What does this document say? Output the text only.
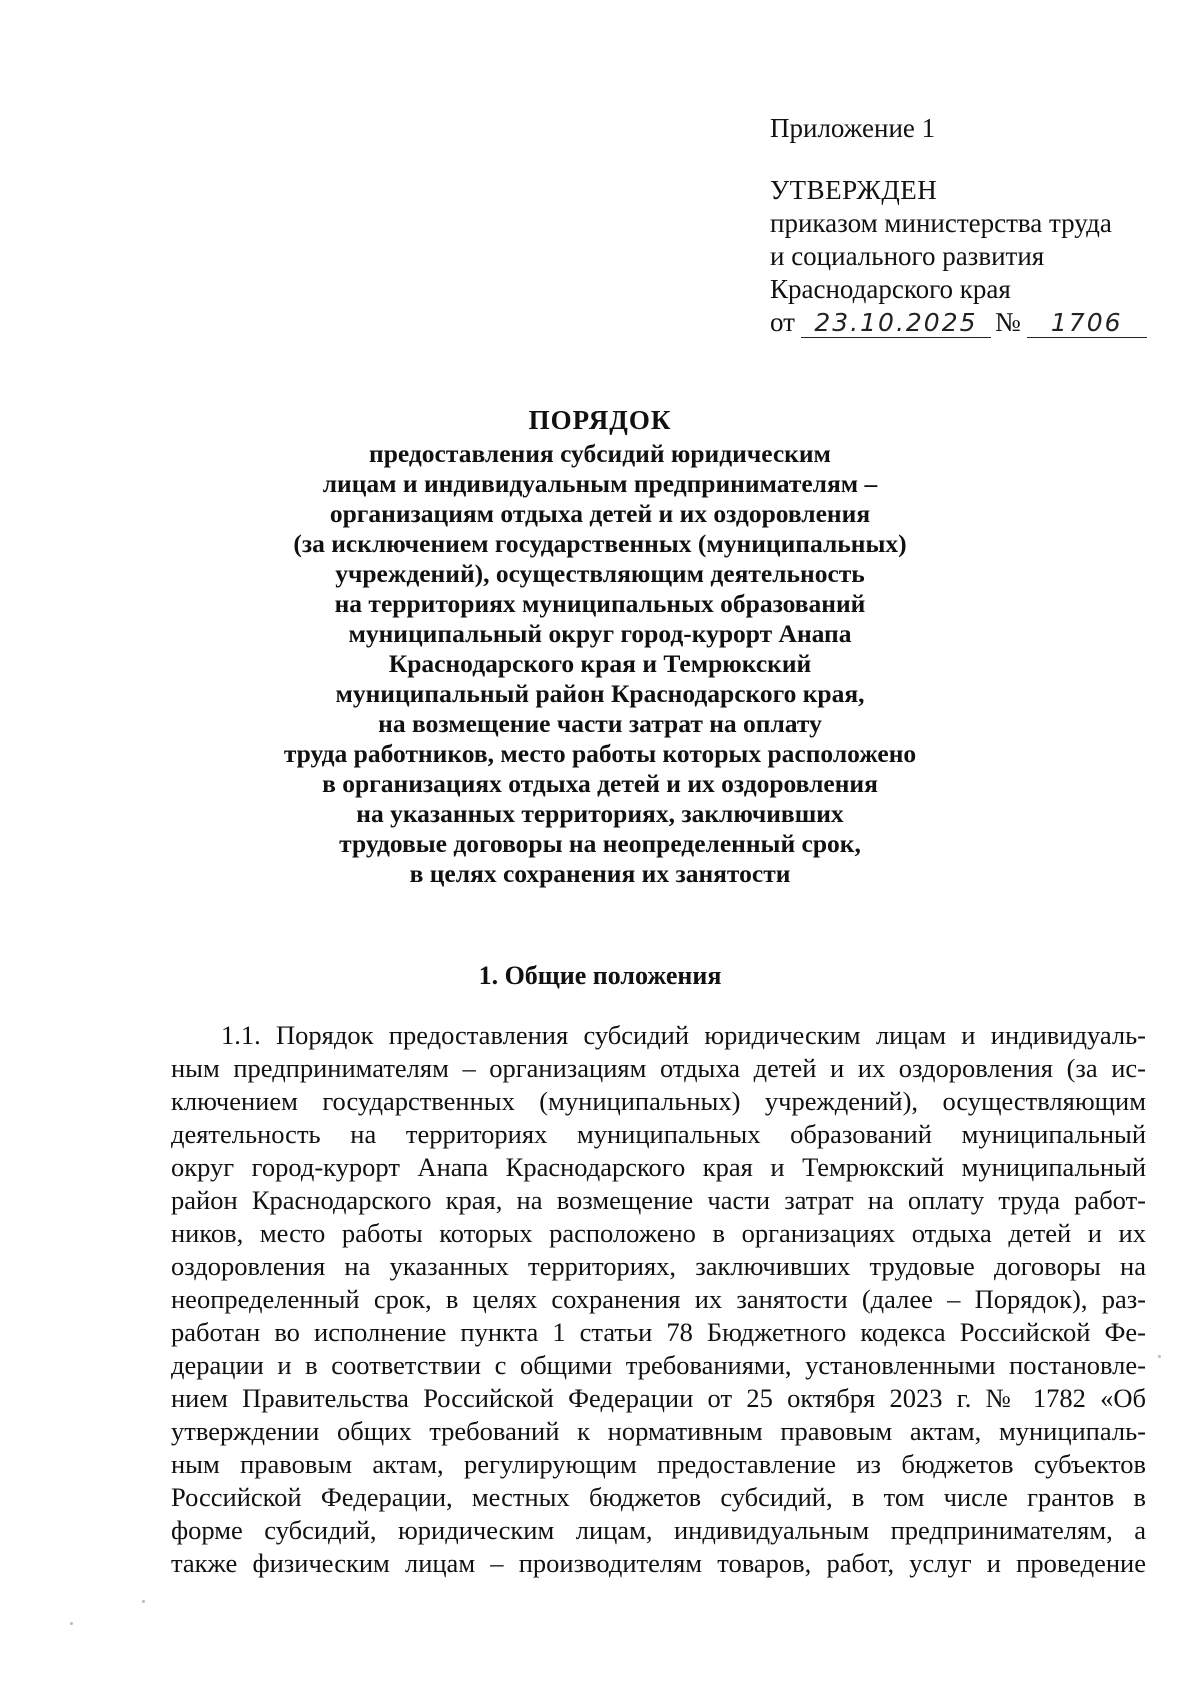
Приложение 1

УТВЕРЖДЕН

приказом министерства труда

и социального развития

Краснодарского края

от 23.10.2025 №	1706

ПОРЯДОК

предоставления субсидий юридическим

лицам и индивидуальным предпринимателям –

организациям отдыха детей и их оздоровления

(за исключением государственных (муниципальных)

учреждений), осуществляющим деятельность

на территориях муниципальных образований

муниципальный округ город-курорт Анапа

Краснодарского края и Темрюкский

муниципальный район Краснодарского края,

на возмещение части затрат на оплату

труда работников, место работы которых расположено

в организациях отдыха детей и их оздоровления

на указанных территориях, заключивших

трудовые договоры на неопределенный срок,

в целях сохранения их занятости

1. Общие положения

1.1. Порядок предоставления субсидий юридическим лицам и индивидуаль-

ным предпринимателям – организациям отдыха детей и их оздоровления (за ис-

ключением государственных (муниципальных) учреждений), осуществляющим

деятельность на территориях муниципальных образований муниципальный

округ город-курорт Анапа Краснодарского края и Темрюкский муниципальный

район Краснодарского края, на возмещение части затрат на оплату труда работ-

ников, место работы которых расположено в организациях отдыха детей и их

оздоровления на указанных территориях, заключивших трудовые договоры на

неопределенный срок, в целях сохранения их занятости (далее – Порядок), раз-

работан во исполнение пункта 1 статьи 78 Бюджетного кодекса Российской Фе-

дерации и в соответствии с общими требованиями, установленными постановле-

нием Правительства Российской Федерации от 25 октября 2023 г. № 1782 «Об

утверждении общих требований к нормативным правовым актам, муниципаль-

ным правовым актам, регулирующим предоставление из бюджетов субъектов

Российской Федерации, местных бюджетов субсидий, в том числе грантов в

форме субсидий, юридическим лицам, индивидуальным предпринимателям, а

также физическим лицам – производителям товаров, работ, услуг и проведение
